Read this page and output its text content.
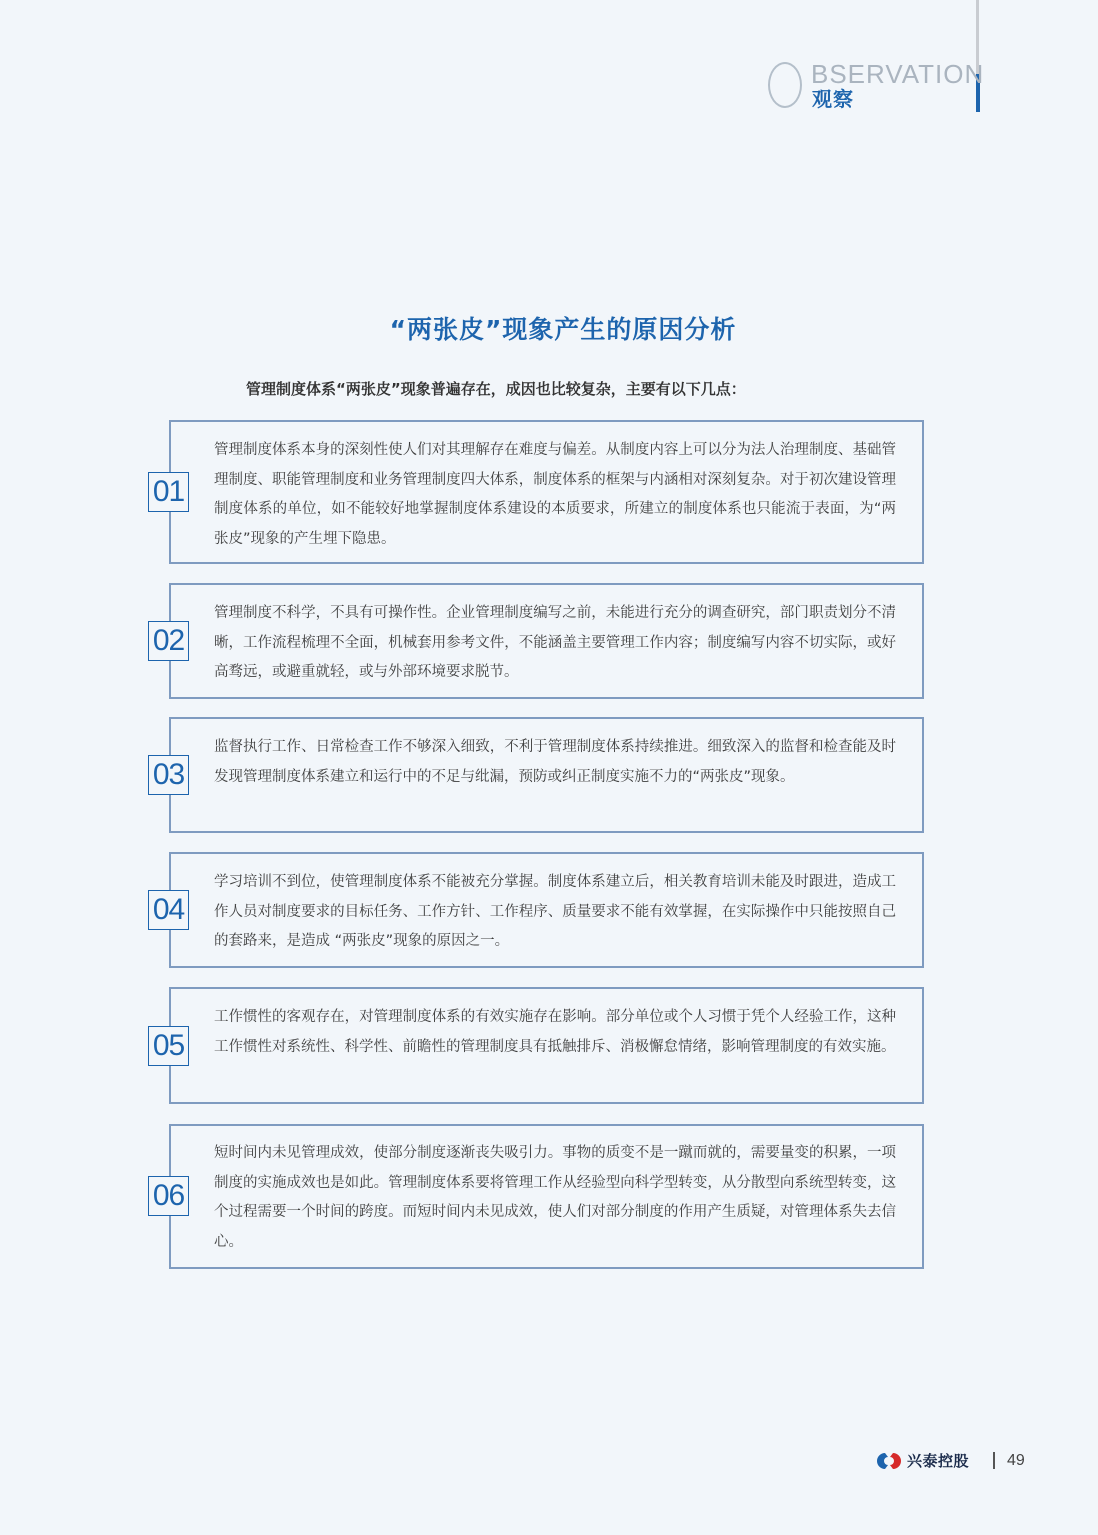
BSERVATION
观察
“两张皮”现象产生的原因分析
管理制度体系“两张皮”现象普遍存在，成因也比较复杂，主要有以下几点：
管理制度体系本身的深刻性使人们对其理解存在难度与偏差。从制度内容上可以分为法人治理制度、基础管理制度、职能管理制度和业务管理制度四大体系，制度体系的框架与内涵相对深刻复杂。对于初次建设管理制度体系的单位，如不能较好地掌握制度体系建设的本质要求，所建立的制度体系也只能流于表面，为“两张皮”现象的产生埋下隐患。
01
管理制度不科学，不具有可操作性。企业管理制度编写之前，未能进行充分的调查研究，部门职责划分不清晰，工作流程梳理不全面，机械套用参考文件，不能涵盖主要管理工作内容；制度编写内容不切实际，或好高骛远，或避重就轻，或与外部环境要求脱节。
02
监督执行工作、日常检查工作不够深入细致，不利于管理制度体系持续推进。细致深入的监督和检查能及时发现管理制度体系建立和运行中的不足与纰漏，预防或纠正制度实施不力的“两张皮”现象。
03
学习培训不到位，使管理制度体系不能被充分掌握。制度体系建立后，相关教育培训未能及时跟进，造成工作人员对制度要求的目标任务、工作方针、工作程序、质量要求不能有效掌握，在实际操作中只能按照自己的套路来，是造成 “两张皮”现象的原因之一。
04
工作惯性的客观存在，对管理制度体系的有效实施存在影响。部分单位或个人习惯于凭个人经验工作，这种工作惯性对系统性、科学性、前瞻性的管理制度具有抵触排斥、消极懈怠情绪，影响管理制度的有效实施。
05
短时间内未见管理成效，使部分制度逐渐丧失吸引力。事物的质变不是一蹴而就的，需要量变的积累，一项制度的实施成效也是如此。管理制度体系要将管理工作从经验型向科学型转变，从分散型向系统型转变，这个过程需要一个时间的跨度。而短时间内未见成效，使人们对部分制度的作用产生质疑，对管理体系失去信心。
06
兴泰控股 49
